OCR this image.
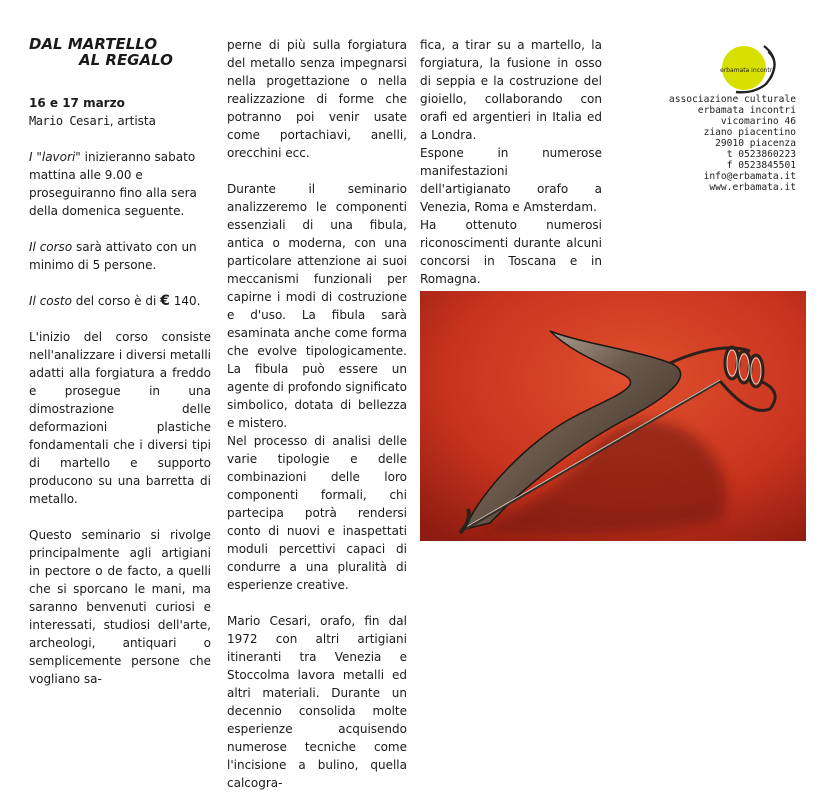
DAL MARTELLO
AL REGALO

16 e 17 marzo

Mario Cesari, artista

I "lavori" inizieranno sabato mattina alle 9.00 e proseguiranno fino alla sera della domenica seguente.

Il corso sarà attivato con un minimo di 5 persone.

Il costo del corso è di € 140.

L'inizio del corso consiste nell'analizzare i diversi metalli adatti alla forgiatura a freddo e prosegue in una dimostrazione delle deformazioni plastiche fondamentali che i diversi tipi di martello e supporto producono su una barretta di metallo.

Questo seminario si rivolge principalmente agli artigiani in pectore o de facto, a quelli che si sporcano le mani, ma saranno benvenuti curiosi e interessati, studiosi dell'arte, archeologi, antiquari o semplicemente persone che vogliano sa-

perne di più sulla forgiatura del metallo senza impegnarsi nella progettazione o nella realizzazione di forme che potranno poi venir usate come portachiavi, anelli, orecchini ecc.

Durante il seminario analizzeremo le componenti essenziali di una fibula, antica o moderna, con una particolare attenzione ai suoi meccanismi funzionali per capirne i modi di costruzione e d'uso. La fibula sarà esaminata anche come forma che evolve tipologicamente. La fibula può essere un agente di profondo significato simbolico, dotata di bellezza e mistero.

Nel processo di analisi delle varie tipologie e delle combinazioni delle loro componenti formali, chi partecipa potrà rendersi conto di nuovi e inaspettati moduli percettivi capaci di condurre a una pluralità di esperienze creative.

Mario Cesari, orafo, fin dal 1972 con altri artigiani itineranti tra Venezia e Stoccolma lavora metalli ed altri materiali. Durante un decennio consolida molte esperienze acquisendo numerose tecniche come l'incisione a bulino, quella calcogra-

fica, a tirar su a martello, la forgiatura, la fusione in osso di seppia e la costruzione del gioiello, collaborando con orafi ed argentieri in Italia ed a Londra.

Espone in numerose manifestazioni dell'artigianato orafo a Venezia, Roma e Amsterdam.

Ha ottenuto numerosi riconoscimenti durante alcuni concorsi in Toscana e in Romagna.

erbamata incontri
associazione culturale
erbamata incontri
vicomarino 46
ziano piacentino
29010 piacenza
t 0523860223
f 0523845501
info@erbamata.it
www.erbamata.it
